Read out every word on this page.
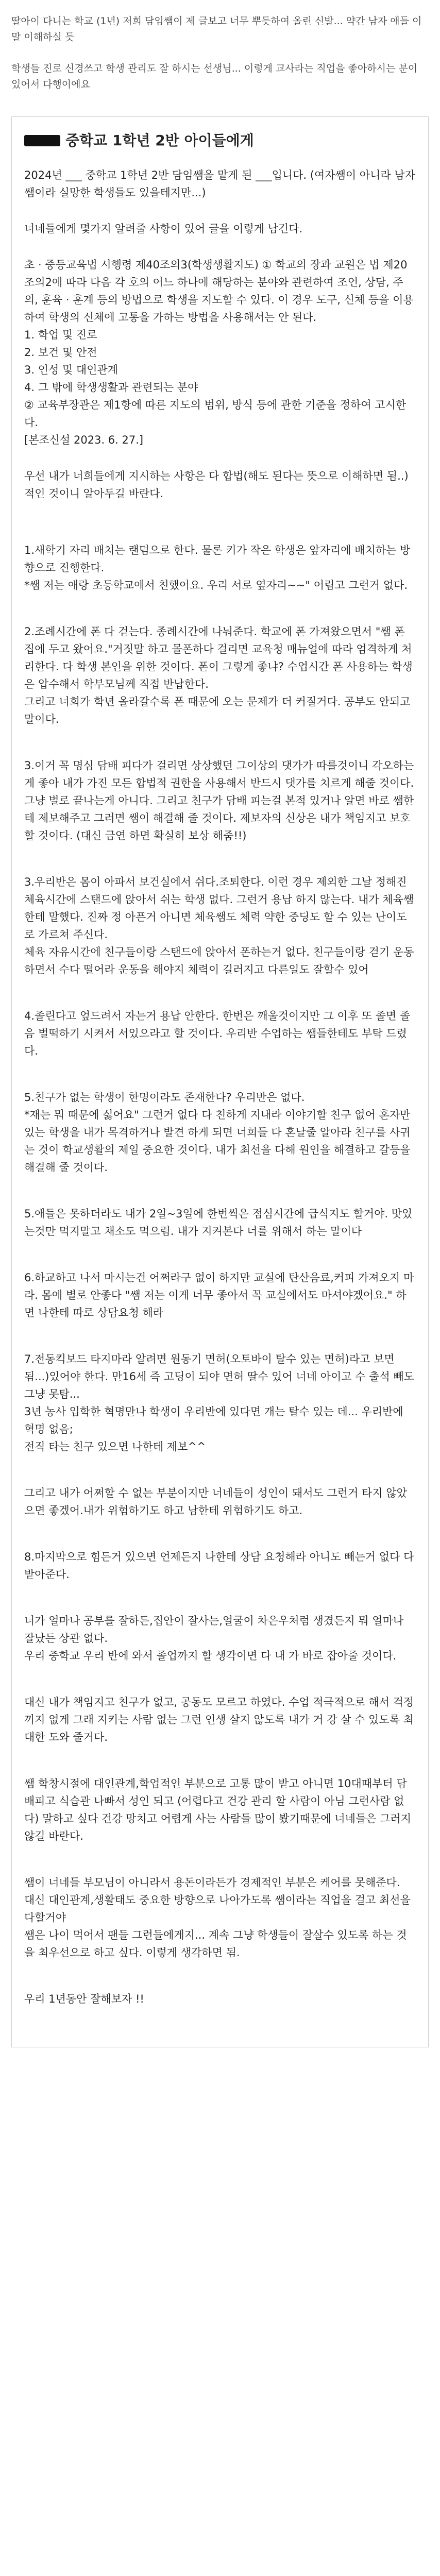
딸아이 다니는 학교 (1년) 저희 담임쌤이 제 글보고 너무 뿌듯하여 올린 신발... 약간 남자 애들 이 말 이해하실 듯

학생들 진로 신경쓰고 학생 관리도 잘 하시는 선생님... 이렇게 교사라는 직업을 좋아하시는 분이 있어서 다행이에요

중학교 1학년 2반 아이들에게
2024년 ___ 중학교 1학년 2반 담임쌤을 맡게 된 ___입니다. (여자쌤이 아니라 남자쌤이라 실망한 학생들도 있을테지만...)
너네들에게 몇가지 알려줄 사항이 있어 글을 이렇게 남긴다.
초 · 중등교육법 시행령 제40조의3(학생생활지도) ① 학교의 장과 교원은 법 제20조의2에 따라 다음 각 호의 어느 하나에 해당하는 분야와 관련하여 조언, 상담, 주의, 훈육 · 훈계 등의 방법으로 학생을 지도할 수 있다. 이 경우 도구, 신체 등을 이용하여 학생의 신체에 고통을 가하는 방법을 사용해서는 안 된다.
1. 학업 및 진로
2. 보건 및 안전
3. 인성 및 대인관계
4. 그 밖에 학생생활과 관련되는 분야
② 교육부장관은 제1항에 따른 지도의 범위, 방식 등에 관한 기준을 정하여 고시한다.
[본조신설 2023. 6. 27.]
우선 내가 너희들에게 지시하는 사항은 다 합법(해도 된다는 뜻으로 이해하면 됨..)적인 것이니 알아두길 바란다.
1.새학기 자리 배치는 랜덤으로 한다. 물론 키가 작은 학생은 앞자리에 배치하는 방향으로 진행한다.
*쌤 저는 애랑 초등학교에서 친했어요. 우리 서로 옆자리~~" 어림고 그런거 없다.
2.조례시간에 폰 다 걷는다. 종례시간에 나눠준다. 학교에 폰 가져왔으면서 "쌤 폰 집에 두고 왔어요."거짓말 하고 몰폰하다 걸리면 교육청 매뉴얼에 따라 엄격하게 처리한다. 다 학생 본인을 위한 것이다. 폰이 그렇게 좋냐? 수업시간 폰 사용하는 학생은 압수해서 학부모님께 직접 반납한다.
그리고 너희가 학년 올라갈수록 폰 때문에 오는 문제가 더 커질거다. 공부도 안되고 말이다.
3.이거 꼭 명심 담배 피다가 걸리면 상상했던 그이상의 댓가가 따를것이니 각오하는게 좋아 내가 가진 모든 합법적 권한을 사용해서 반드시 댓가를 치르게 해줄 것이다. 그냥 벌로 끝나는게 아니다. 그리고 친구가 담배 피는걸 본적 있거나 알면 바로 쌤한테 제보해주고 그러면 쌤이 해결해 줄 것이다. 제보자의 신상은 내가 책임지고 보호할 것이다. (대신 금연 하면 확실히 보상 해줌!!)
3.우리반은 몸이 아파서 보건실에서 쉬다.조퇴한다. 이런 경우 제외한 그날 정해진 체육시간에 스탠드에 앉아서 쉬는 학생 없다. 그런거 용납 하지 않는다. 내가 체육쌤한테 말했다. 진짜 정 아픈거 아니면 체육쌤도 체력 약한 중딩도 할 수 있는 난이도로 가르쳐 주신다.
체육 자유시간에 친구들이랑 스탠드에 앉아서 폰하는거 없다. 친구들이랑 걷기 운동 하면서 수다 떨어라 운동을 해야지 체력이 길러지고 다른일도 잘할수 있어
4.졸린다고 엎드려서 자는거 용납 안한다. 한번은 깨울것이지만 그 이후 또 졸면 졸음 벌떡하기 시켜서 서있으라고 할 것이다. 우리반 수업하는 쌤들한테도 부탁 드렸다.
5.친구가 없는 학생이 한명이라도 존재한다? 우리반은 없다.
*재는 뭐 때문에 싫어요" 그런거 없다 다 친하게 지내라 이야기할 친구 없어 혼자만 있는 학생을 내가 목격하거나 발견 하게 되면 너희들 다 혼날줄 알아라 친구를 사귀는 것이 학교생활의 제일 중요한 것이다. 내가 최선을 다해 원인을 해결하고 갈등을 해결해 줄 것이다.
5.애들은 못하더라도 내가 2일~3일에 한번씩은 점심시간에 급식지도 할거야. 맛있는것만 먹지말고 채소도 먹으렴. 내가 지켜본다 너를 위해서 하는 말이다
6.하교하고 나서 마시는건 어쩌라구 없이 하지만 교실에 탄산음료,커피 가져오지 마라. 몸에 별로 안좋다 "쌤 저는 이게 너무 좋아서 꼭 교실에서도 마셔야겠어요." 하면 나한테 따로 상담요청 해라
7.전동킥보드 타지마라 알려면 원동기 면허(오토바이 탈수 있는 면허)라고 보면 됨...)있어야 한다. 만16세 즉 고딩이 되야 면허 딸수 있어 너네 아이고 수 출석 빼도 그냥 못탐...
3년 농사 입학한 혁명만나 학생이 우리반에 있다면 개는 탈수 있는 데... 우리반에 혁명 없음;
전직 타는 친구 있으면 나한테 제보^^
그리고 내가 어쩌할 수 없는 부분이지만 너네들이 성인이 돼서도 그런거 타지 않았으면 좋겠어.내가 위험하기도 하고 남한테 위험하기도 하고.
8.마지막으로 힘든거 있으면 언제든지 나한테 상담 요청해라 아니도 빼는거 없다 다 받아준다.
너가 얼마나 공부를 잘하든,집안이 잘사는,얼굴이 차은우처럼 생겼든지 뭐 얼마나 잘났든 상관 없다.
우리 중학교 우리 반에 와서 졸업까지 할 생각이면 다 내 가 바로 잡아줄 것이다.
대신 내가 책임지고 친구가 없고, 공동도 모르고 하였다. 수업 적극적으로 해서 걱정 끼지 없게 그래 지키는 사람 없는 그런 인생 살지 않도록 내가 거 강 살 수 있도록 최대한 도와 줄거다.
쌤 학창시절에 대인관계,학업적인 부분으로 고통 많이 받고 아니면 10대때부터 담배피고 식습관 나빠서 성인 되고 (어렵다고 건강 관리 할 사람이 아님 그런사람 없다) 말하고 싶다 건강 망치고 어렵게 사는 사람들 많이 봤기때문에 너네들은 그러지 않길 바란다.
쌤이 너네들 부모님이 아니라서 용돈이라든가 경제적인 부분은 케어를 못해준다.
대신 대인관계,생활태도 중요한 방향으로 나아가도록 쌤이라는 직업을 걸고 최선을 다할거야
쌤은 나이 먹어서 팬들 그런들에게지... 계속 그냥 학생들이 잘살수 있도록 하는 것을 최우선으로 하고 싶다. 이렇게 생각하면 됨.
우리 1년동안 잘해보자 !!
